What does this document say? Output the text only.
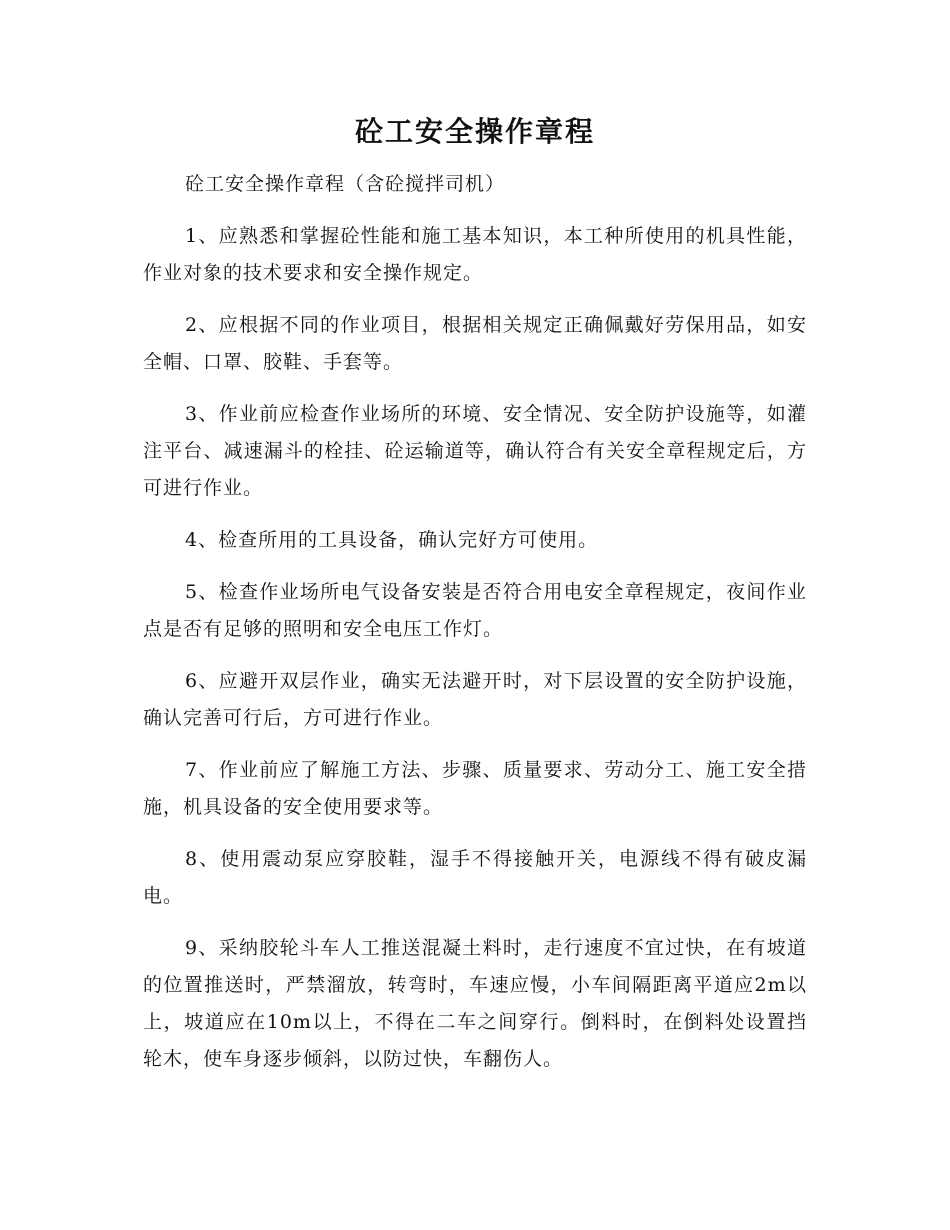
砼工安全操作章程

砼工安全操作章程（含砼搅拌司机）

1、应熟悉和掌握砼性能和施工基本知识，本工种所使用的机具性能，作业对象的技术要求和安全操作规定。

2、应根据不同的作业项目，根据相关规定正确佩戴好劳保用品，如安全帽、口罩、胶鞋、手套等。

3、作业前应检查作业场所的环境、安全情况、安全防护设施等，如灌注平台、减速漏斗的栓挂、砼运输道等，确认符合有关安全章程规定后，方可进行作业。

4、检查所用的工具设备，确认完好方可使用。

5、检查作业场所电气设备安装是否符合用电安全章程规定，夜间作业点是否有足够的照明和安全电压工作灯。

6、应避开双层作业，确实无法避开时，对下层设置的安全防护设施，确认完善可行后，方可进行作业。

7、作业前应了解施工方法、步骤、质量要求、劳动分工、施工安全措施，机具设备的安全使用要求等。

8、使用震动泵应穿胶鞋，湿手不得接触开关，电源线不得有破皮漏电。

9、采纳胶轮斗车人工推送混凝土料时，走行速度不宜过快，在有坡道的位置推送时，严禁溜放，转弯时，车速应慢，小车间隔距离平道应2m以上，坡道应在10m以上，不得在二车之间穿行。倒料时，在倒料处设置挡轮木，使车身逐步倾斜，以防过快，车翻伤人。
